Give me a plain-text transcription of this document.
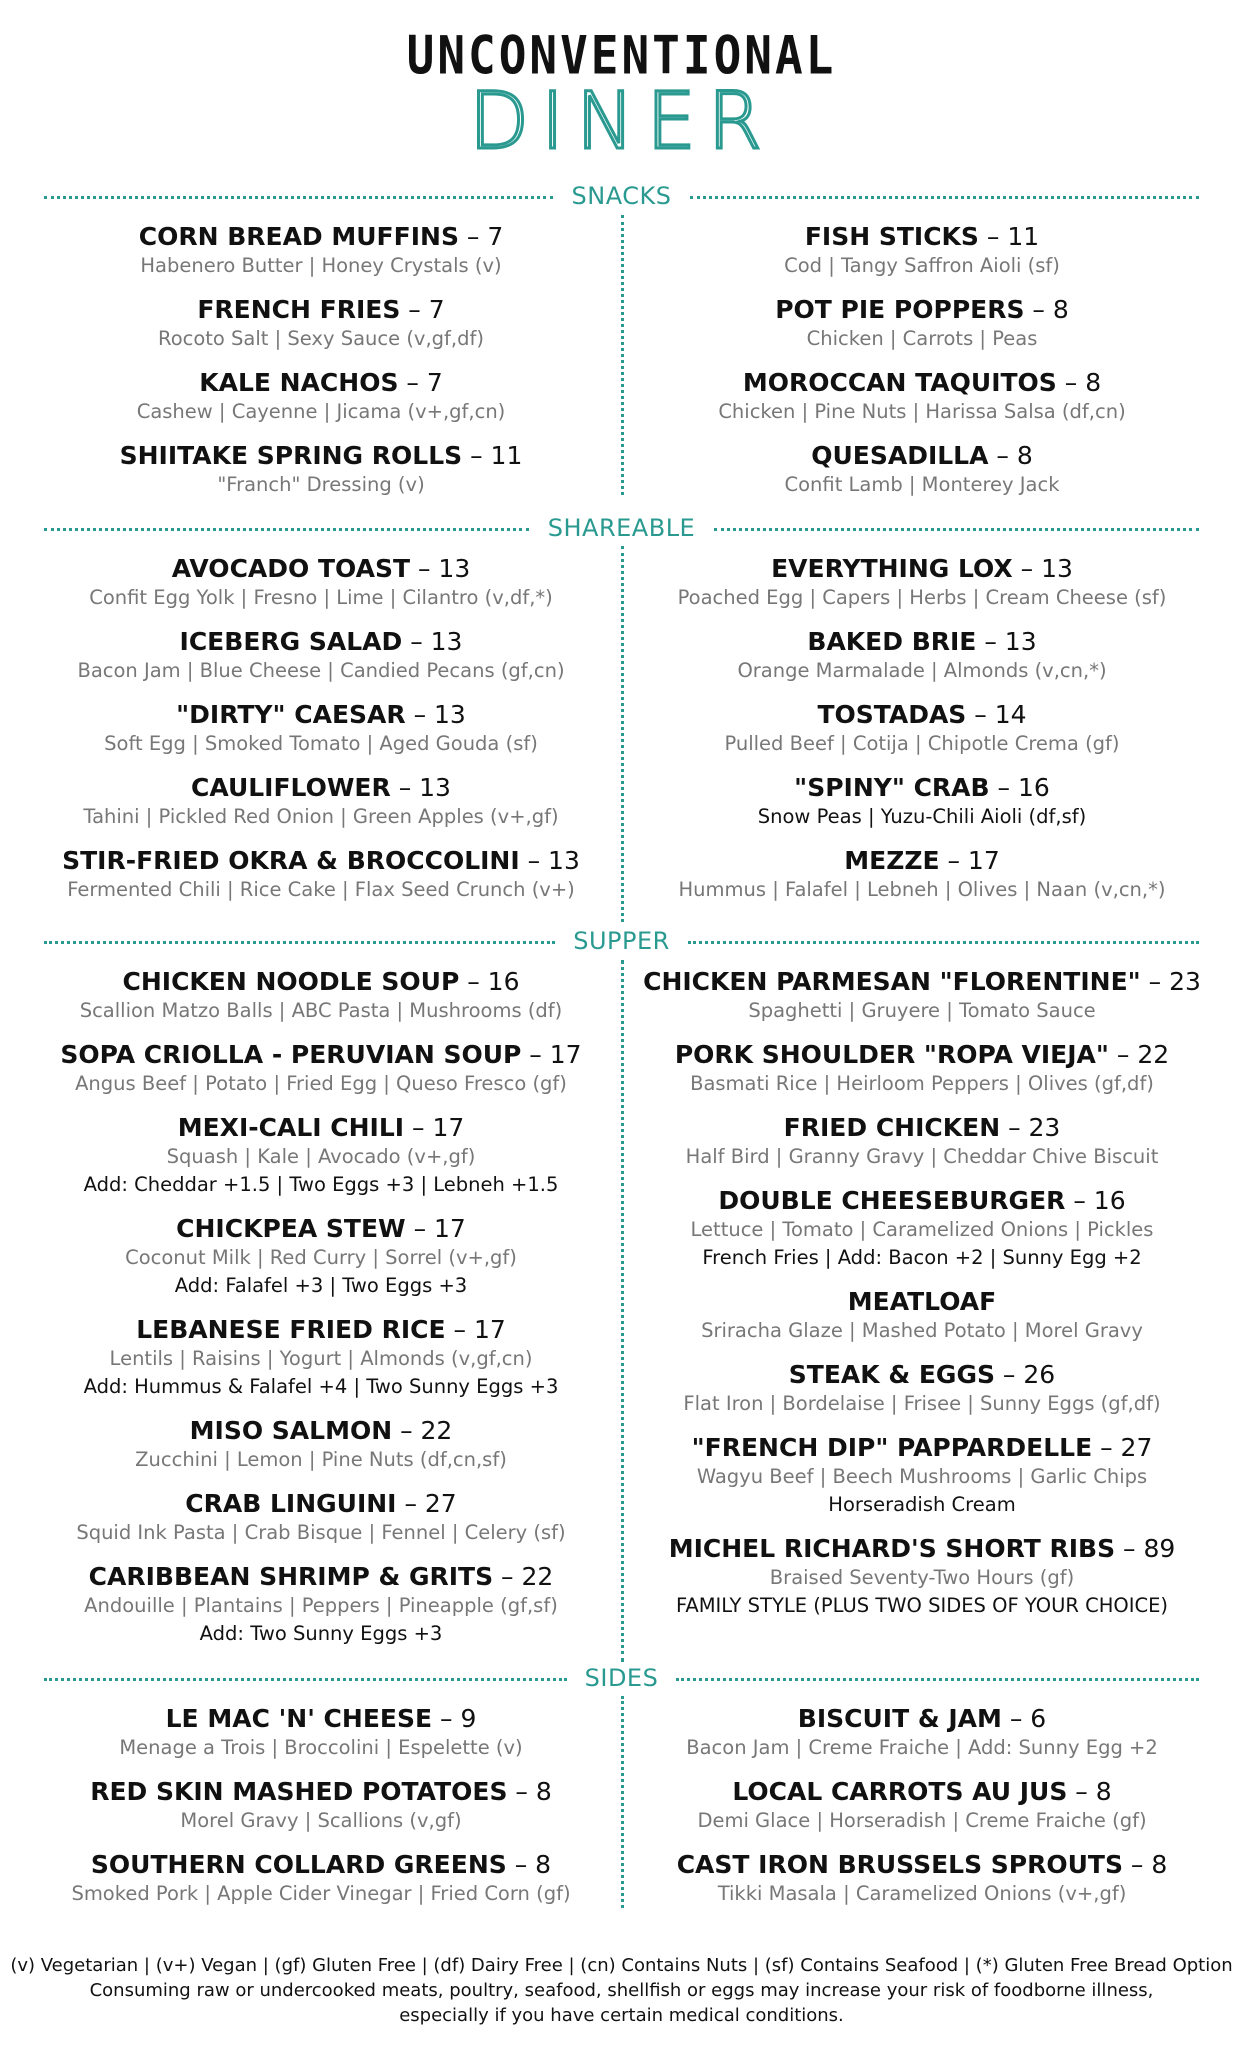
UNCONVENTIONAL
DINER
SNACKS
CORN BREAD MUFFINS – 7
Habenero Butter | Honey Crystals (v)
FRENCH FRIES – 7
Rocoto Salt | Sexy Sauce (v,gf,df)
KALE NACHOS – 7
Cashew | Cayenne | Jicama (v+,gf,cn)
SHIITAKE SPRING ROLLS – 11
"Franch" Dressing (v)
FISH STICKS – 11
Cod | Tangy Saffron Aioli (sf)
POT PIE POPPERS – 8
Chicken | Carrots | Peas
MOROCCAN TAQUITOS – 8
Chicken | Pine Nuts | Harissa Salsa (df,cn)
QUESADILLA – 8
Confit Lamb | Monterey Jack
SHAREABLE
AVOCADO TOAST – 13
Confit Egg Yolk | Fresno | Lime | Cilantro (v,df,*)
ICEBERG SALAD – 13
Bacon Jam | Blue Cheese | Candied Pecans (gf,cn)
"DIRTY" CAESAR – 13
Soft Egg | Smoked Tomato | Aged Gouda (sf)
CAULIFLOWER – 13
Tahini | Pickled Red Onion | Green Apples (v+,gf)
STIR-FRIED OKRA & BROCCOLINI – 13
Fermented Chili | Rice Cake | Flax Seed Crunch (v+)
EVERYTHING LOX – 13
Poached Egg | Capers | Herbs | Cream Cheese (sf)
BAKED BRIE – 13
Orange Marmalade | Almonds (v,cn,*)
TOSTADAS – 14
Pulled Beef | Cotija | Chipotle Crema (gf)
"SPINY" CRAB – 16
Snow Peas | Yuzu-Chili Aioli (df,sf)
MEZZE – 17
Hummus | Falafel | Lebneh | Olives | Naan (v,cn,*)
SUPPER
CHICKEN NOODLE SOUP – 16
Scallion Matzo Balls | ABC Pasta | Mushrooms (df)
SOPA CRIOLLA - PERUVIAN SOUP – 17
Angus Beef | Potato | Fried Egg | Queso Fresco (gf)
MEXI-CALI CHILI – 17
Squash | Kale | Avocado (v+,gf)
Add: Cheddar +1.5 | Two Eggs +3 | Lebneh +1.5
CHICKPEA STEW – 17
Coconut Milk | Red Curry | Sorrel (v+,gf)
Add: Falafel +3 | Two Eggs +3
LEBANESE FRIED RICE – 17
Lentils | Raisins | Yogurt | Almonds (v,gf,cn)
Add: Hummus & Falafel +4 | Two Sunny Eggs +3
MISO SALMON – 22
Zucchini | Lemon | Pine Nuts (df,cn,sf)
CRAB LINGUINI – 27
Squid Ink Pasta | Crab Bisque | Fennel | Celery (sf)
CARIBBEAN SHRIMP & GRITS – 22
Andouille | Plantains | Peppers | Pineapple (gf,sf)
Add: Two Sunny Eggs +3
CHICKEN PARMESAN "FLORENTINE" – 23
Spaghetti | Gruyere | Tomato Sauce
PORK SHOULDER "ROPA VIEJA" – 22
Basmati Rice | Heirloom Peppers | Olives (gf,df)
FRIED CHICKEN – 23
Half Bird | Granny Gravy | Cheddar Chive Biscuit
DOUBLE CHEESEBURGER – 16
Lettuce | Tomato | Caramelized Onions | Pickles
French Fries | Add: Bacon +2 | Sunny Egg +2
MEATLOAF
Sriracha Glaze | Mashed Potato | Morel Gravy
STEAK & EGGS – 26
Flat Iron | Bordelaise | Frisee | Sunny Eggs (gf,df)
"FRENCH DIP" PAPPARDELLE – 27
Wagyu Beef | Beech Mushrooms | Garlic Chips
Horseradish Cream
MICHEL RICHARD'S SHORT RIBS – 89
Braised Seventy-Two Hours (gf)
FAMILY STYLE (PLUS TWO SIDES OF YOUR CHOICE)
SIDES
LE MAC 'N' CHEESE – 9
Menage a Trois | Broccolini | Espelette (v)
RED SKIN MASHED POTATOES – 8
Morel Gravy | Scallions (v,gf)
SOUTHERN COLLARD GREENS – 8
Smoked Pork | Apple Cider Vinegar | Fried Corn (gf)
BISCUIT & JAM – 6
Bacon Jam | Creme Fraiche | Add: Sunny Egg +2
LOCAL CARROTS AU JUS – 8
Demi Glace | Horseradish | Creme Fraiche (gf)
CAST IRON BRUSSELS SPROUTS – 8
Tikki Masala | Caramelized Onions (v+,gf)
(v) Vegetarian | (v+) Vegan | (gf) Gluten Free | (df) Dairy Free | (cn) Contains Nuts | (sf) Contains Seafood | (*) Gluten Free Bread Option
Consuming raw or undercooked meats, poultry, seafood, shellfish or eggs may increase your risk of foodborne illness,
especially if you have certain medical conditions.
